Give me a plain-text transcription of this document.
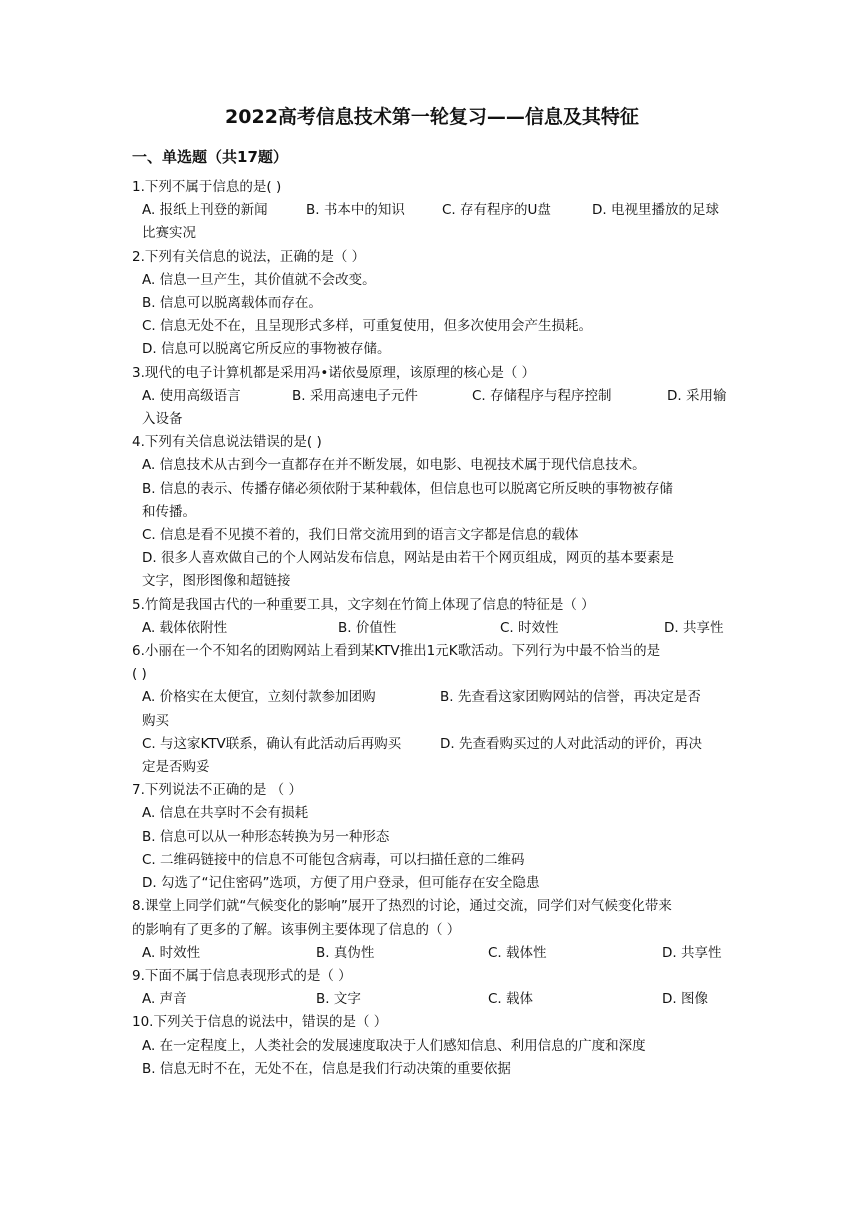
2022高考信息技术第一轮复习——信息及其特征
一、单选题（共17题）
1.下列不属于信息的是( )
A. 报纸上刊登的新闻	B. 书本中的知识	C. 存有程序的U盘	D. 电视里播放的足球
比赛实况
2.下列有关信息的说法，正确的是（ ）
A. 信息一旦产生，其价值就不会改变。
B. 信息可以脱离载体而存在。
C. 信息无处不在，且呈现形式多样，可重复使用，但多次使用会产生损耗。
D. 信息可以脱离它所反应的事物被存储。
3.现代的电子计算机都是采用冯•诺依曼原理，该原理的核心是（ ）
A. 使用高级语言	B. 采用高速电子元件	C. 存储程序与程序控制	D. 采用输
入设备
4.下列有关信息说法错误的是( )
A. 信息技术从古到今一直都存在并不断发展，如电影、电视技术属于现代信息技术。
B. 信息的表示、传播存储必须依附于某种载体，但信息也可以脱离它所反映的事物被存储
和传播。
C. 信息是看不见摸不着的，我们日常交流用到的语言文字都是信息的载体
D. 很多人喜欢做自己的个人网站发布信息，网站是由若干个网页组成，网页的基本要素是
文字，图形图像和超链接
5.竹简是我国古代的一种重要工具，文字刻在竹简上体现了信息的特征是（ ）
A. 载体依附性	B. 价值性	C. 时效性	D. 共享性
6.小丽在一个不知名的团购网站上看到某KTV推出1元K歌活动。下列行为中最不恰当的是
( )
A. 价格实在太便宜，立刻付款参加团购	B. 先查看这家团购网站的信誉，再决定是否
购买
C. 与这家KTV联系，确认有此活动后再购买	D. 先查看购买过的人对此活动的评价，再决
定是否购妥
7.下列说法不正确的是 （ ）
A. 信息在共享时不会有损耗
B. 信息可以从一种形态转换为另一种形态
C. 二维码链接中的信息不可能包含病毒，可以扫描任意的二维码
D. 勾选了“记住密码”选项，方便了用户登录，但可能存在安全隐患
8.课堂上同学们就“气候变化的影响”展开了热烈的讨论，通过交流，同学们对气候变化带来
的影响有了更多的了解。该事例主要体现了信息的（ ）
A. 时效性	B. 真伪性	C. 载体性	D. 共享性
9.下面不属于信息表现形式的是（ ）
A. 声音	B. 文字	C. 载体	D. 图像
10.下列关于信息的说法中，错误的是（ ）
A. 在一定程度上，人类社会的发展速度取决于人们感知信息、利用信息的广度和深度
B. 信息无时不在，无处不在，信息是我们行动决策的重要依据
